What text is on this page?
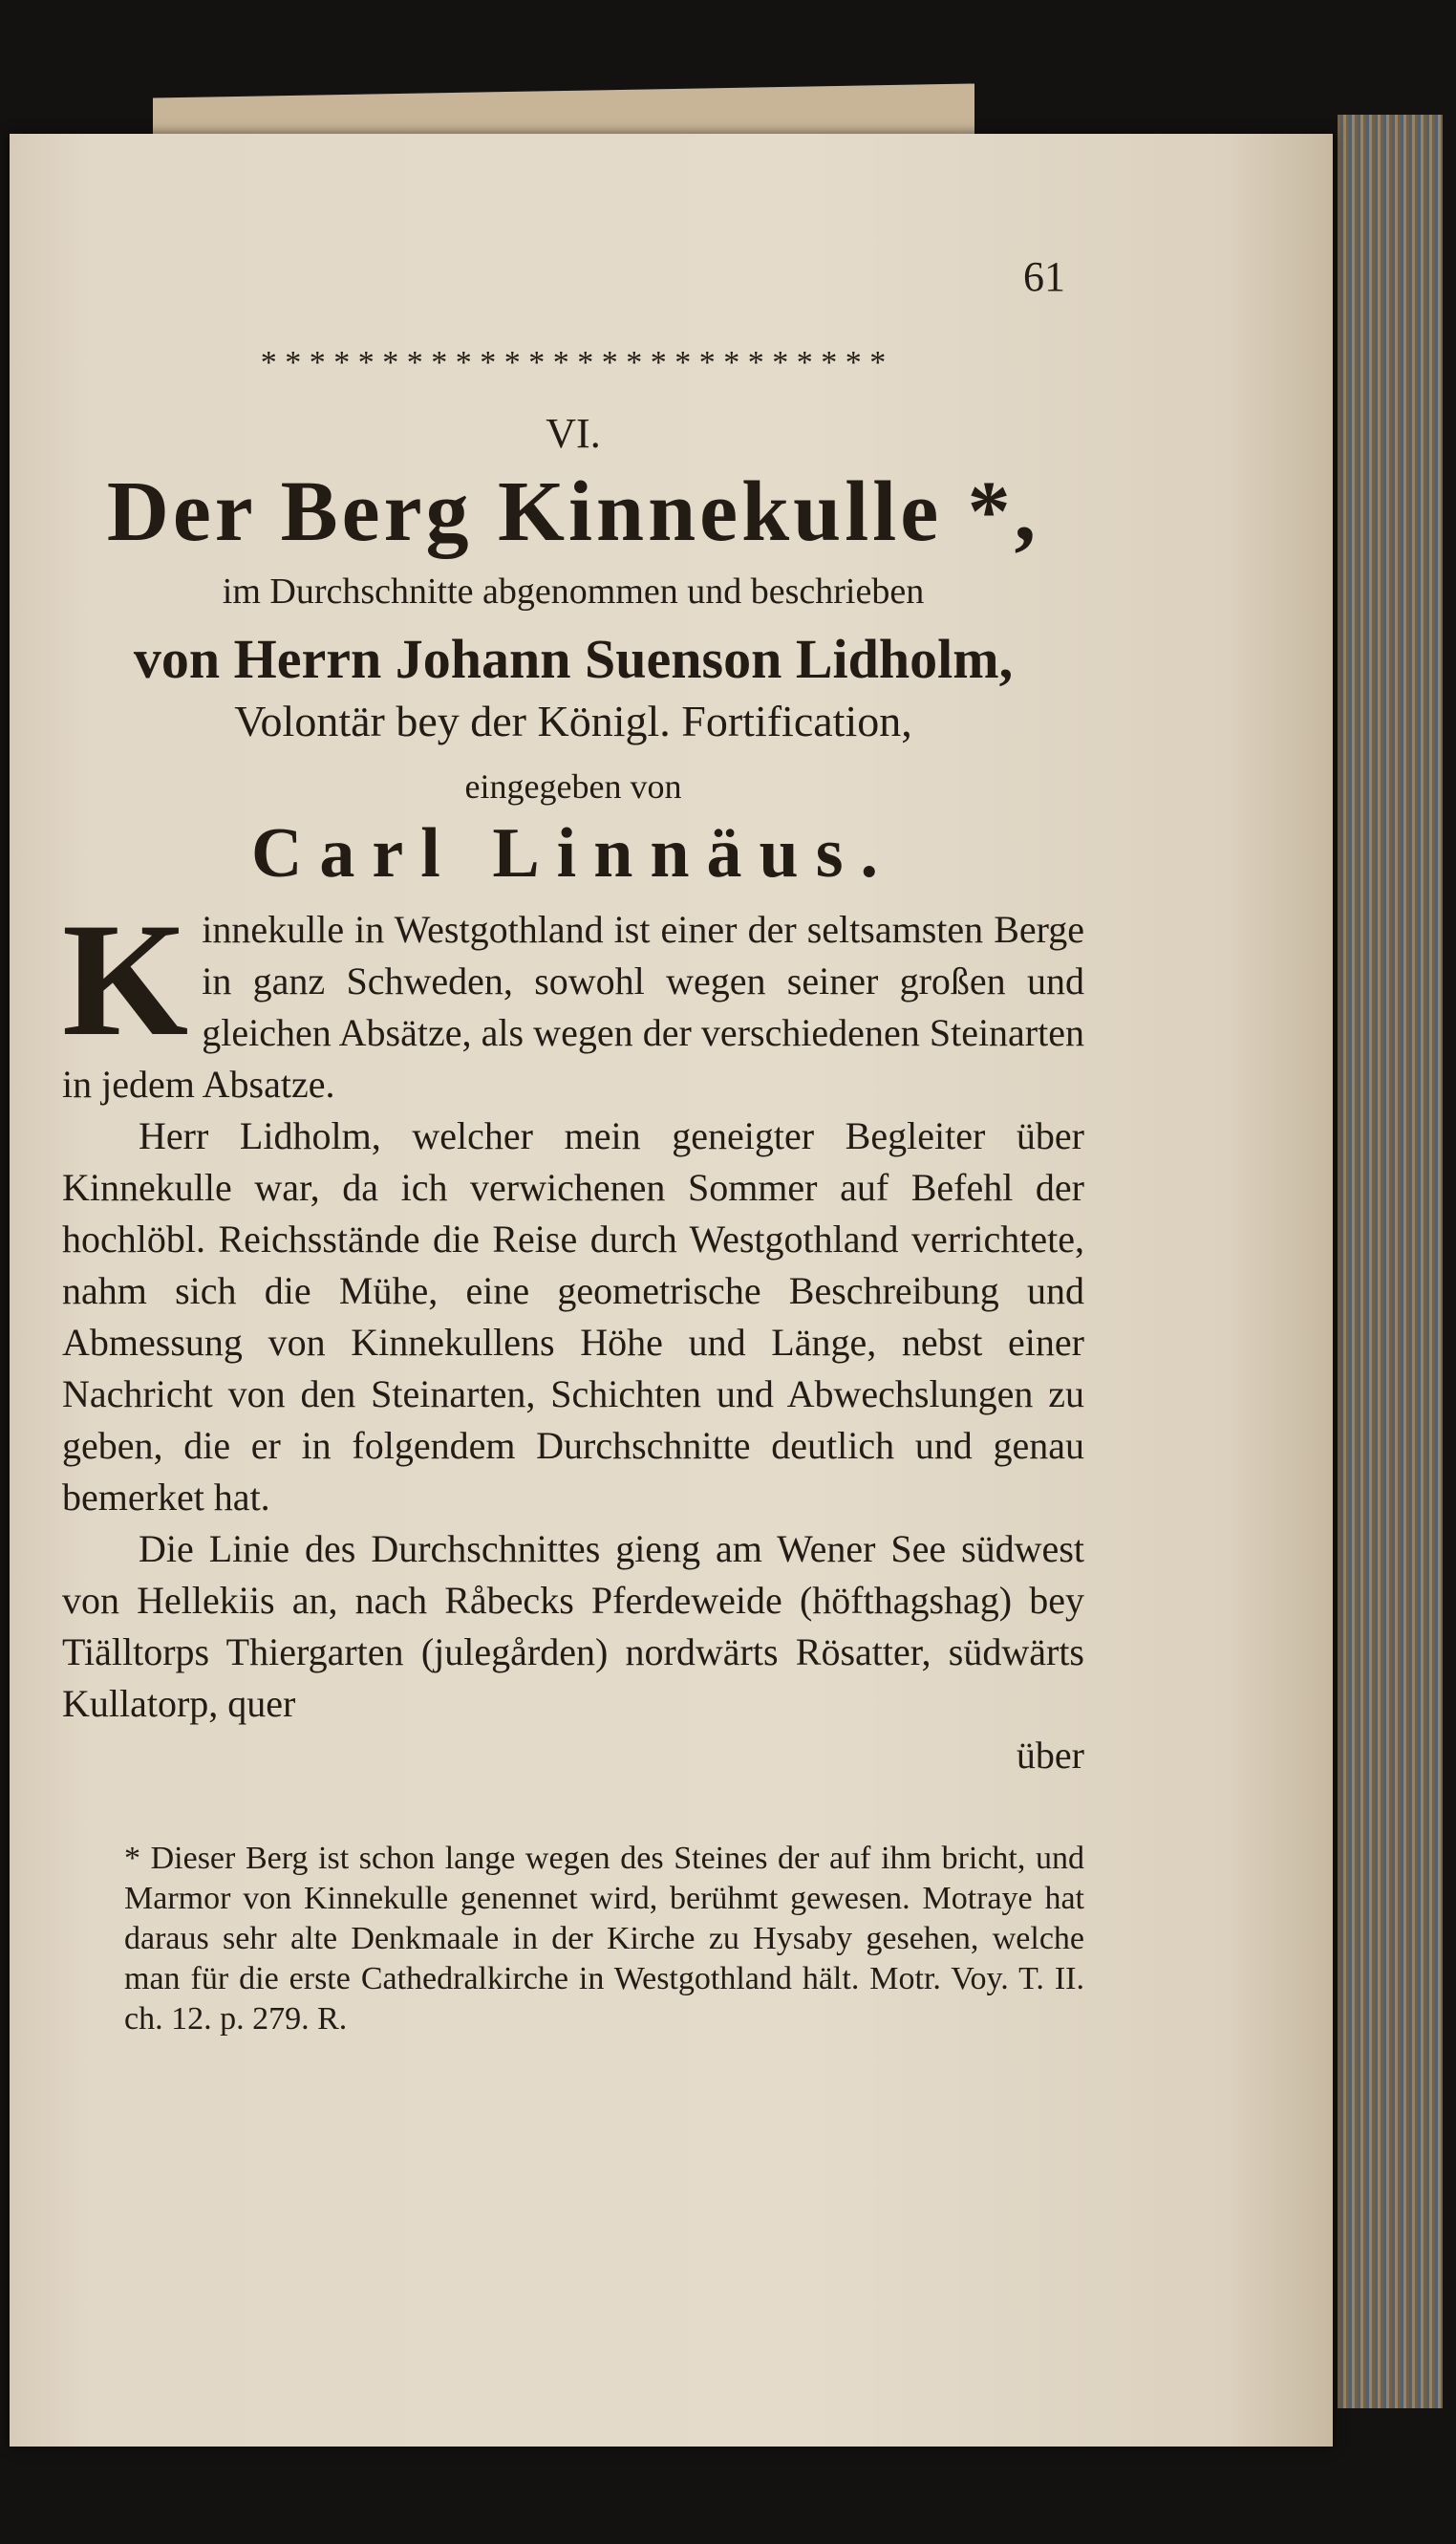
61
* * * * * * * * * * * * * * * * * * * * * * * * * *
VI.
Der Berg Kinnekulle *,
im Durchschnitte abgenommen und beschrieben
von Herrn Johann Suenson Lidholm,
Volontär bey der Königl. Fortification,
eingegeben von
Carl Linnäus.

Kinnekulle in Westgothland ist einer der seltsamsten Berge in ganz Schweden, sowohl wegen seiner großen und gleichen Absätze, als wegen der verschiedenen Steinarten in jedem Absatze.

Herr Lidholm, welcher mein geneigter Begleiter über Kinnekulle war, da ich verwichenen Sommer auf Befehl der hochlöbl. Reichsstände die Reise durch Westgothland verrichtete, nahm sich die Mühe, eine geometrische Beschreibung und Abmessung von Kinnekullens Höhe und Länge, nebst einer Nachricht von den Steinarten, Schichten und Abwechslungen zu geben, die er in folgendem Durchschnitte deutlich und genau bemerket hat.

Die Linie des Durchschnittes gieng am Wener See südwest von Hellekiis an, nach Råbecks Pferdeweide (höfthagshag) bey Tiälltorps Thiergarten (julegården) nordwärts Rösatter, südwärts Kullatorp, quer

über

* Dieser Berg ist schon lange wegen des Steines der auf ihm bricht, und Marmor von Kinnekulle genennet wird, berühmt gewesen. Motraye hat daraus sehr alte Denkmaale in der Kirche zu Hysaby gesehen, welche man für die erste Cathedralkirche in Westgothland hält. Motr. Voy. T. II. ch. 12. p. 279. R.
